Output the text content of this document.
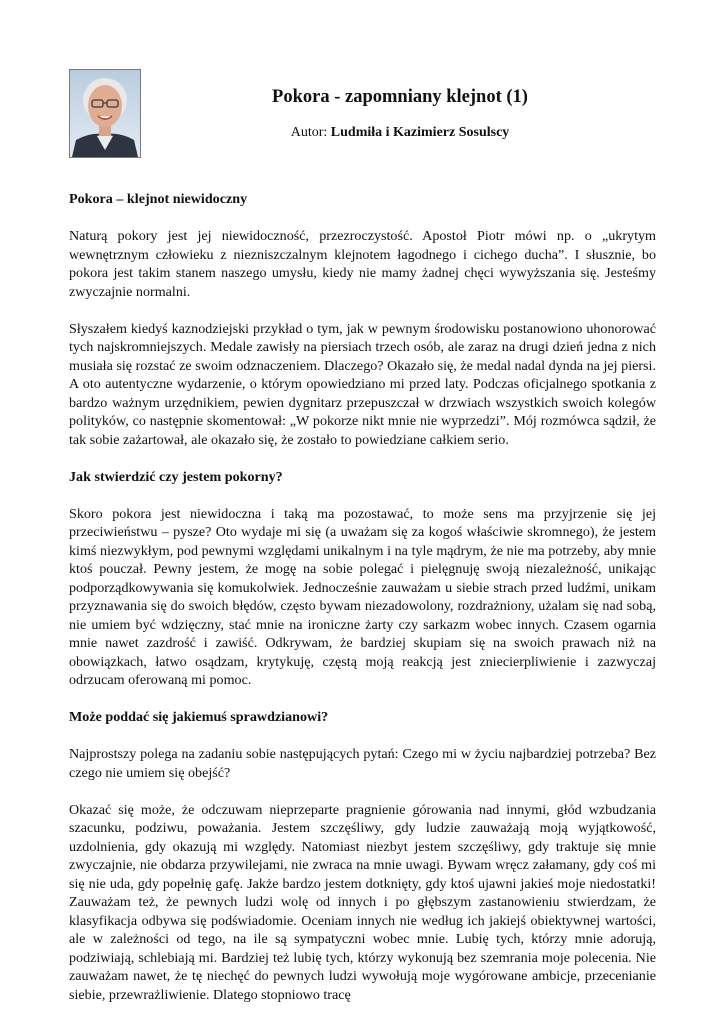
Pokora - zapomniany klejnot (1)
Autor: Ludmiła i Kazimierz Sosulscy
Pokora – klejnot niewidoczny

Naturą pokory jest jej niewidoczność, przezroczystość. Apostoł Piotr mówi np. o „ukrytym wewnętrznym człowieku z niezniszczalnym klejnotem łagodnego i cichego ducha”. I słusznie, bo pokora jest takim stanem naszego umysłu, kiedy nie mamy żadnej chęci wywyższania się. Jesteśmy zwyczajnie normalni.

Słyszałem kiedyś kaznodziejski przykład o tym, jak w pewnym środowisku postanowiono uhonorować tych najskromniejszych. Medale zawisły na piersiach trzech osób, ale zaraz na drugi dzień jedna z nich musiała się rozstać ze swoim odznaczeniem. Dlaczego? Okazało się, że medal nadal dynda na jej piersi. A oto autentyczne wydarzenie, o którym opowiedziano mi przed laty. Podczas oficjalnego spotkania z bardzo ważnym urzędnikiem, pewien dygnitarz przepuszczał w drzwiach wszystkich swoich kolegów polityków, co następnie skomentował: „W pokorze nikt mnie nie wyprzedzi”. Mój rozmówca sądził, że tak sobie zażartował, ale okazało się, że zostało to powiedziane całkiem serio.

Jak stwierdzić czy jestem pokorny?

Skoro pokora jest niewidoczna i taką ma pozostawać, to może sens ma przyjrzenie się jej przeciwieństwu – pysze? Oto wydaje mi się (a uważam się za kogoś właściwie skromnego), że jestem kimś niezwykłym, pod pewnymi względami unikalnym i na tyle mądrym, że nie ma potrzeby, aby mnie ktoś pouczał. Pewny jestem, że mogę na sobie polegać i pielęgnuję swoją niezależność, unikając podporządkowywania się komukolwiek. Jednocześnie zauważam u siebie strach przed ludźmi, unikam przyznawania się do swoich błędów, często bywam niezadowolony, rozdrażniony, użalam się nad sobą, nie umiem być wdzięczny, stać mnie na ironiczne żarty czy sarkazm wobec innych. Czasem ogarnia mnie nawet zazdrość i zawiść. Odkrywam, że bardziej skupiam się na swoich prawach niż na obowiązkach, łatwo osądzam, krytykuję, częstą moją reakcją jest zniecierpliwienie i zazwyczaj odrzucam oferowaną mi pomoc.

Może poddać się jakiemuś sprawdzianowi?

Najprostszy polega na zadaniu sobie następujących pytań: Czego mi w życiu najbardziej potrzeba? Bez czego nie umiem się obejść?

Okazać się może, że odczuwam nieprzeparte pragnienie górowania nad innymi, głód wzbudzania szacunku, podziwu, poważania. Jestem szczęśliwy, gdy ludzie zauważają moją wyjątkowość, uzdolnienia, gdy okazują mi względy. Natomiast niezbyt jestem szczęśliwy, gdy traktuje się mnie zwyczajnie, nie obdarza przywilejami, nie zwraca na mnie uwagi. Bywam wręcz załamany, gdy coś mi się nie uda, gdy popełnię gafę. Jakże bardzo jestem dotknięty, gdy ktoś ujawni jakieś moje niedostatki! Zauważam też, że pewnych ludzi wolę od innych i po głębszym zastanowieniu stwierdzam, że klasyfikacja odbywa się podświadomie. Oceniam innych nie według ich jakiejś obiektywnej wartości, ale w zależności od tego, na ile są sympatyczni wobec mnie. Lubię tych, którzy mnie adorują, podziwiają, schlebiają mi. Bardziej też lubię tych, którzy wykonują bez szemrania moje polecenia. Nie zauważam nawet, że tę niechęć do pewnych ludzi wywołują moje wygórowane ambicje, przecenianie siebie, przewrażliwienie. Dlatego stopniowo tracę
